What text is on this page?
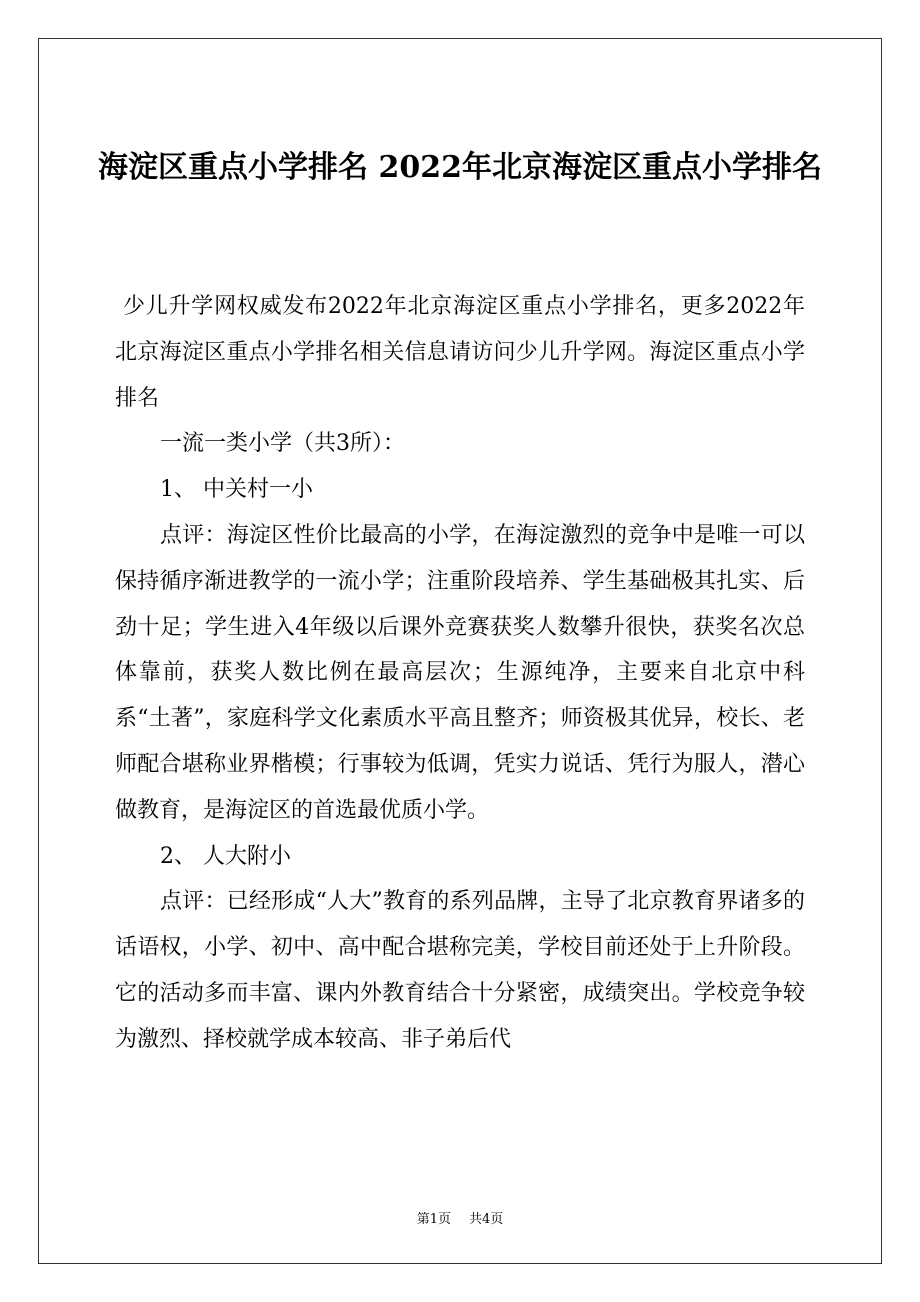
海淀区重点小学排名 2022年北京海淀区重点小学排名

少儿升学网权威发布2022年北京海淀区重点小学排名，更多2022年北京海淀区重点小学排名相关信息请访问少儿升学网。海淀区重点小学排名

一流一类小学（共3所）：

1、 中关村一小

点评：海淀区性价比最高的小学，在海淀激烈的竞争中是唯一可以保持循序渐进教学的一流小学；注重阶段培养、学生基础极其扎实、后劲十足；学生进入4年级以后课外竞赛获奖人数攀升很快，获奖名次总体靠前，获奖人数比例在最高层次；生源纯净，主要来自北京中科系“土著”，家庭科学文化素质水平高且整齐；师资极其优异，校长、老师配合堪称业界楷模；行事较为低调，凭实力说话、凭行为服人，潜心做教育，是海淀区的首选最优质小学。

2、 人大附小

点评：已经形成“人大”教育的系列品牌，主导了北京教育界诸多的话语权，小学、初中、高中配合堪称完美，学校目前还处于上升阶段。它的活动多而丰富、课内外教育结合十分紧密，成绩突出。学校竞争较为激烈、择校就学成本较高、非子弟后代

第1页 共4页
